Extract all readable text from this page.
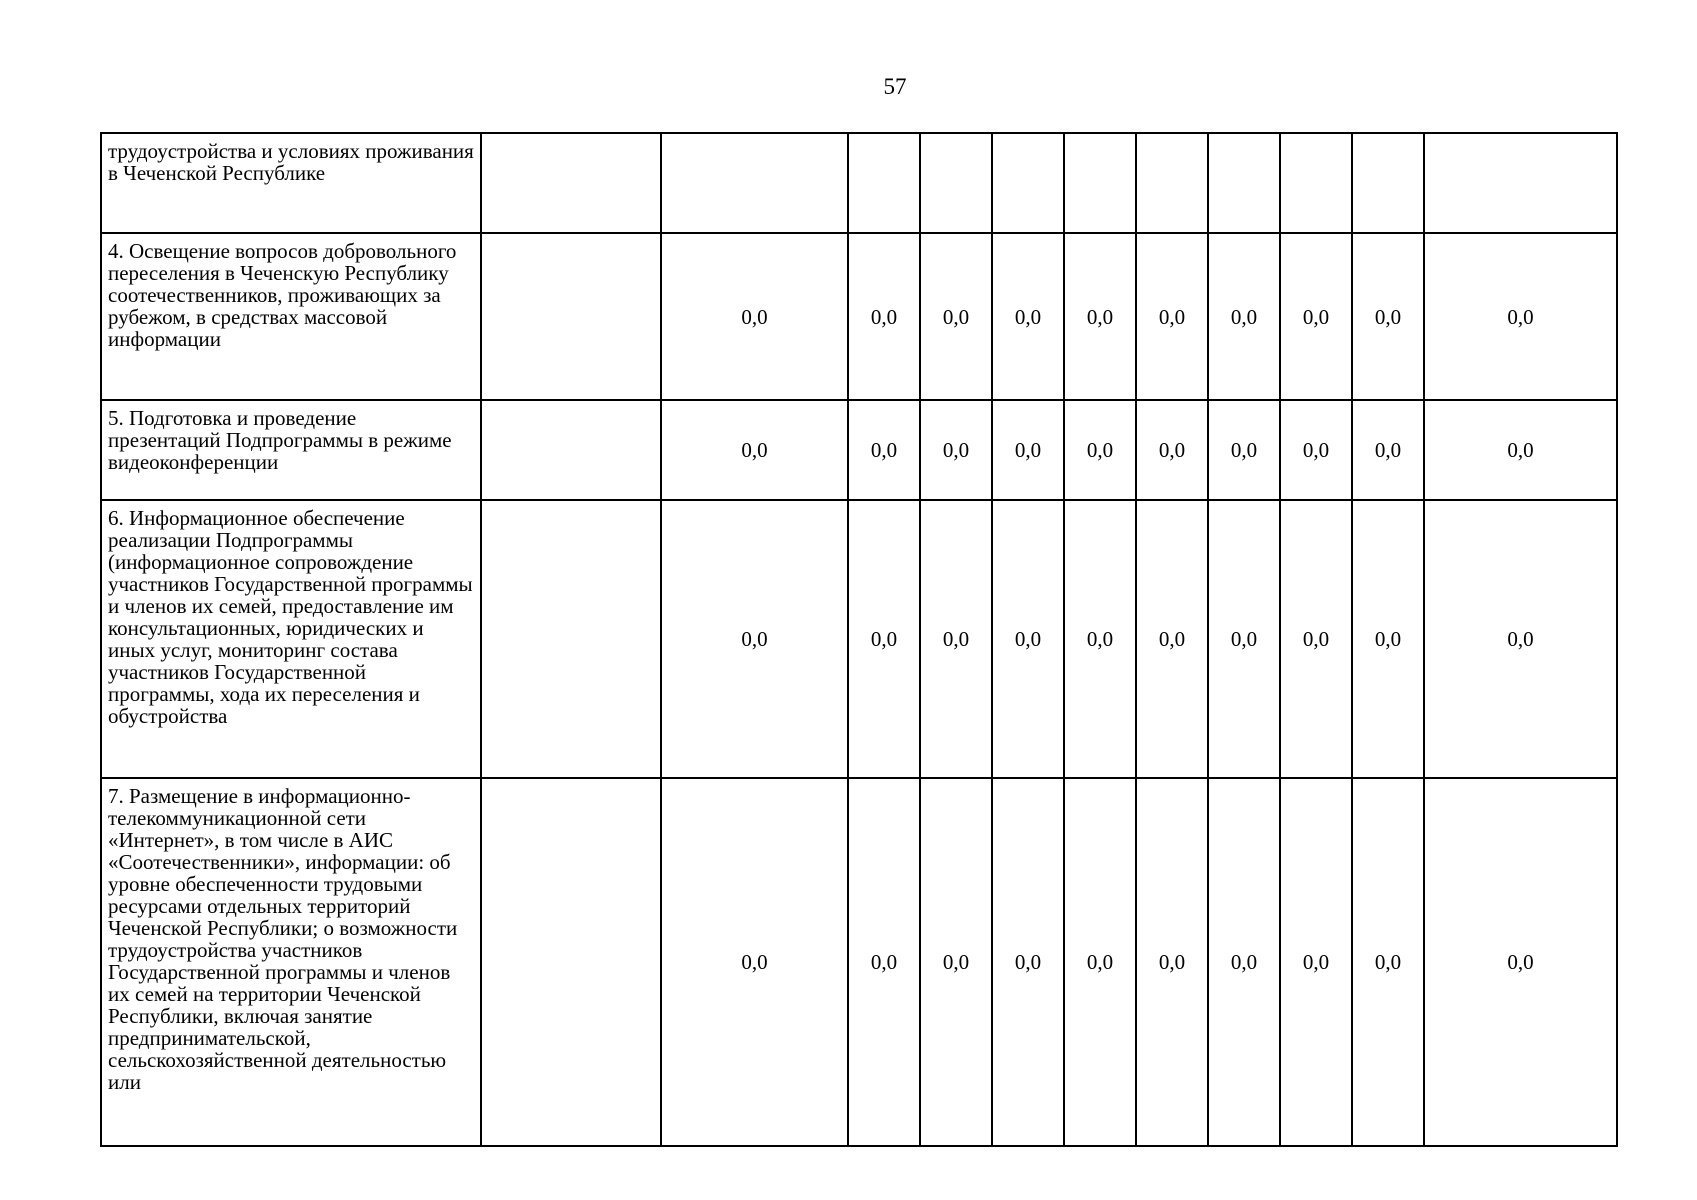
57
трудоустройства и условиях проживания в Чеченской Республике											
4. Освещение вопросов добровольного переселения в Чеченскую Республику соотечественников, проживающих за рубежом, в средствах массовой информации		0,0	0,0	0,0	0,0	0,0	0,0	0,0	0,0	0,0	0,0
5. Подготовка и проведение презентаций Подпрограммы в режиме видеоконференции		0,0	0,0	0,0	0,0	0,0	0,0	0,0	0,0	0,0	0,0
6. Информационное обеспечение реализации Подпрограммы (информационное сопровождение участников Государственной программы и членов их семей, предоставление им консультационных, юридических и иных услуг, мониторинг состава участников Государственной программы, хода их переселения и обустройства		0,0	0,0	0,0	0,0	0,0	0,0	0,0	0,0	0,0	0,0
7. Размещение в информационно-телекоммуникационной сети «Интернет», в том числе в АИС «Соотечественники», информации: об уровне обеспеченности трудовыми ресурсами отдельных территорий Чеченской Республики; о возможности трудоустройства участников Государственной программы и членов их семей на территории Чеченской Республики, включая занятие предпринимательской, сельскохозяйственной деятельностью или		0,0	0,0	0,0	0,0	0,0	0,0	0,0	0,0	0,0	0,0
